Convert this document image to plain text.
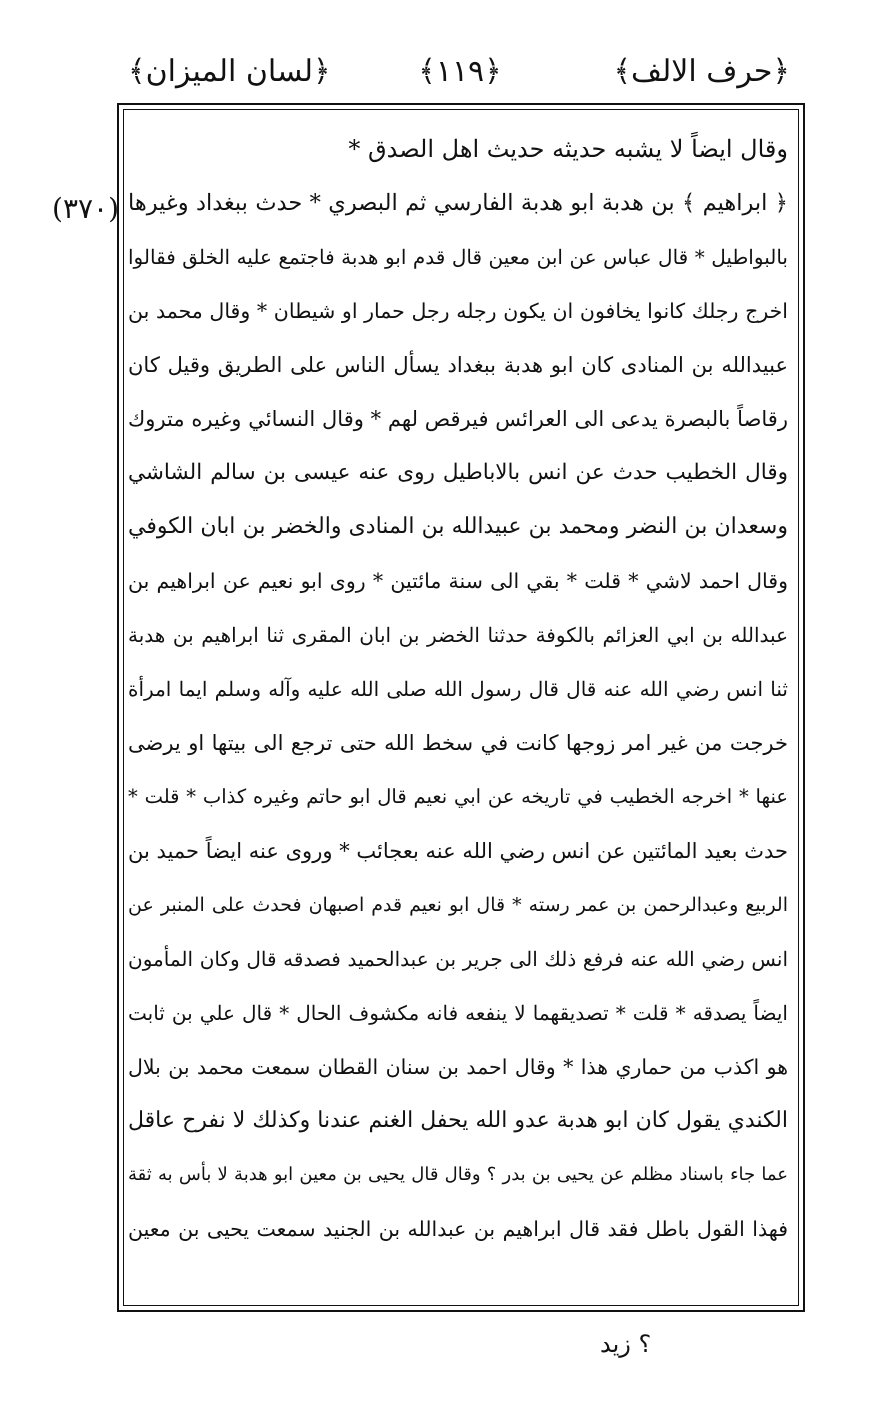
﴿حرف الالف﴾
﴿١١٩﴾
﴿لسان الميزان﴾
(٣٧٠)
وقال ايضاً لا يشبه حديثه حديث اهل الصدق *
﴿ ابراهيم ﴾ بن هدبة ابو هدبة الفارسي ثم البصري * حدث ببغداد وغيرها
بالبواطيل * قال عباس عن ابن معين قال قدم ابو هدبة فاجتمع عليه الخلق فقالوا
اخرج رجلك كانوا يخافون ان يكون رجله رجل حمار او شيطان * وقال محمد بن
عبيدالله بن المنادى كان ابو هدبة ببغداد يسأل الناس على الطريق وقيل كان
رقاصاً بالبصرة يدعى الى العرائس فيرقص لهم * وقال النسائي وغيره متروك
وقال الخطيب حدث عن انس بالاباطيل روى عنه عيسى بن سالم الشاشي
وسعدان بن النضر ومحمد بن عبيدالله بن المنادى والخضر بن ابان الكوفي
وقال احمد لاشي * قلت * بقي الى سنة مائتين * روى ابو نعيم عن ابراهيم بن
عبدالله بن ابي العزائم بالكوفة حدثنا الخضر بن ابان المقرى ثنا ابراهيم بن هدبة
ثنا انس رضي الله عنه قال قال رسول الله صلى الله عليه وآله وسلم ايما امرأة
خرجت من غير امر زوجها كانت في سخط الله حتى ترجع الى بيتها او يرضى
عنها * اخرجه الخطيب في تاريخه عن ابي نعيم قال ابو حاتم وغيره كذاب * قلت *
حدث بعيد المائتين عن انس رضي الله عنه بعجائب * وروى عنه ايضاً حميد بن
الربيع وعبدالرحمن بن عمر رسته * قال ابو نعيم قدم اصبهان فحدث على المنبر عن
انس رضي الله عنه فرفع ذلك الى جرير بن عبدالحميد فصدقه قال وكان المأمون
ايضاً يصدقه * قلت * تصديقهما لا ينفعه فانه مكشوف الحال * قال علي بن ثابت
هو اكذب من حماري هذا * وقال احمد بن سنان القطان سمعت محمد بن بلال
الكندي يقول كان ابو هدبة عدو الله يحفل الغنم عندنا وكذلك لا نفرح عاقل
عما جاء باسناد مظلم عن يحيى بن بدر ؟ وقال قال يحيى بن معين ابو هدبة لا بأس به ثقة
فهذا القول باطل فقد قال ابراهيم بن عبدالله بن الجنيد سمعت يحيى بن معين
؟ زيد
